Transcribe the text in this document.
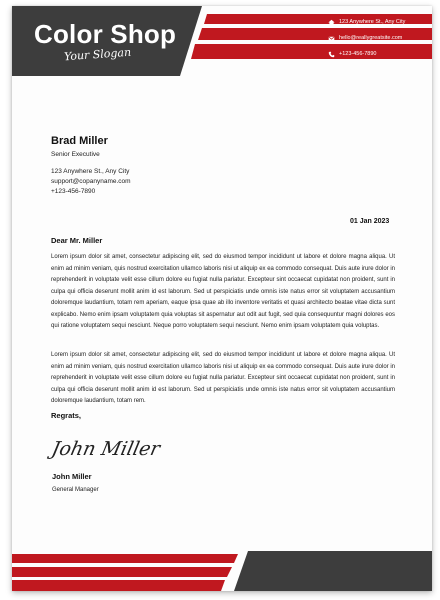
Color Shop
Your Slogan
123 Anywhere St., Any City
hello@reallygreatsite.com
+123-456-7890
Brad Miller
Senior Executive
123 Anywhere St., Any City
support@copanyname.com
+123-456-7890
01 Jan 2023
Dear Mr. Miller

Lorem ipsum dolor sit amet, consectetur adipiscing elit, sed do eiusmod tempor incididunt ut labore et dolore magna aliqua. Ut enim ad minim veniam, quis nostrud exercitation ullamco laboris nisi ut aliquip ex ea commodo consequat. Duis aute irure dolor in reprehenderit in voluptate velit esse cillum dolore eu fugiat nulla pariatur. Excepteur sint occaecat cupidatat non proident, sunt in culpa qui officia deserunt mollit anim id est laborum. Sed ut perspiciatis unde omnis iste natus error sit voluptatem accusantium doloremque laudantium, totam rem aperiam, eaque ipsa quae ab illo inventore veritatis et quasi architecto beatae vitae dicta sunt explicabo. Nemo enim ipsam voluptatem quia voluptas sit aspernatur aut odit aut fugit, sed quia consequuntur magni dolores eos qui ratione voluptatem sequi nesciunt. Neque porro voluptatem sequi nesciunt. Nemo enim ipsam voluptatem quia voluptas.

Lorem ipsum dolor sit amet, consectetur adipiscing elit, sed do eiusmod tempor incididunt ut labore et dolore magna aliqua. Ut enim ad minim veniam, quis nostrud exercitation ullamco laboris nisi ut aliquip ex ea commodo consequat. Duis aute irure dolor in reprehenderit in voluptate velit esse cillum dolore eu fugiat nulla pariatur. Excepteur sint occaecat cupidatat non proident, sunt in culpa qui officia deserunt mollit anim id est laborum. Sed ut perspiciatis unde omnis iste natus error sit voluptatem accusantium doloremque laudantium, totam rem.

Regrats,
John Miller
John Miller
General Manager
